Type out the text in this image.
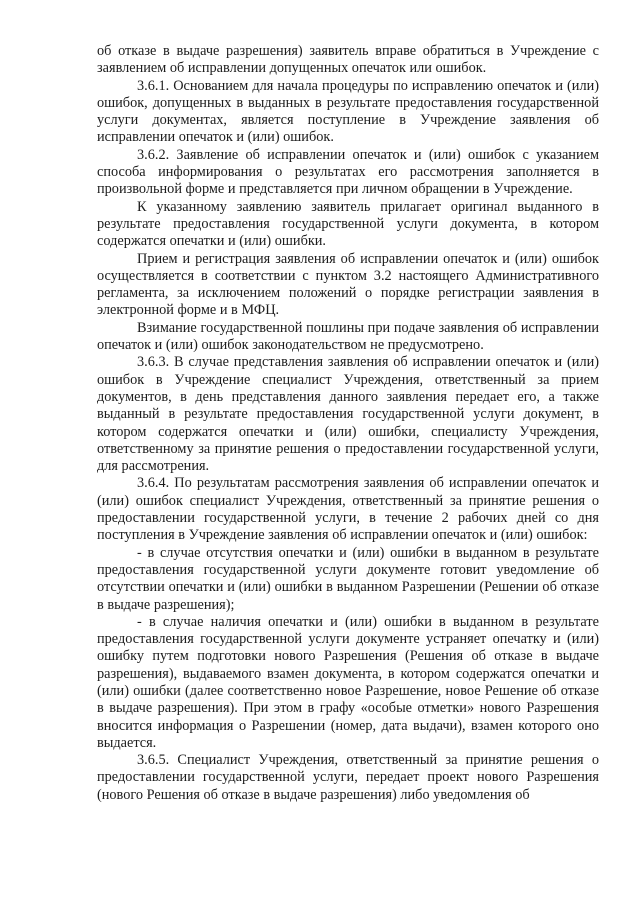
об отказе в выдаче разрешения) заявитель вправе обратиться в Учреждение с заявлением об исправлении допущенных опечаток или ошибок.

3.6.1. Основанием для начала процедуры по исправлению опечаток и (или) ошибок, допущенных в выданных в результате предоставления государственной услуги документах, является поступление в Учреждение заявления об исправлении опечаток и (или) ошибок.

3.6.2. Заявление об исправлении опечаток и (или) ошибок с указанием способа информирования о результатах его рассмотрения заполняется в произвольной форме и представляется при личном обращении в Учреждение.

К указанному заявлению заявитель прилагает оригинал выданного в результате предоставления государственной услуги документа, в котором содержатся опечатки и (или) ошибки.

Прием и регистрация заявления об исправлении опечаток и (или) ошибок осуществляется в соответствии с пунктом 3.2 настоящего Административного регламента, за исключением положений о порядке регистрации заявления в электронной форме и в МФЦ.

Взимание государственной пошлины при подаче заявления об исправлении опечаток и (или) ошибок законодательством не предусмотрено.

3.6.3. В случае представления заявления об исправлении опечаток и (или) ошибок в Учреждение специалист Учреждения, ответственный за прием документов, в день представления данного заявления передает его, а также выданный в результате предоставления государственной услуги документ, в котором содержатся опечатки и (или) ошибки, специалисту Учреждения, ответственному за принятие решения о предоставлении государственной услуги, для рассмотрения.

3.6.4. По результатам рассмотрения заявления об исправлении опечаток и (или) ошибок специалист Учреждения, ответственный за принятие решения о предоставлении государственной услуги, в течение 2 рабочих дней со дня поступления в Учреждение заявления об исправлении опечаток и (или) ошибок:

- в случае отсутствия опечатки и (или) ошибки в выданном в результате предоставления государственной услуги документе готовит уведомление об отсутствии опечатки и (или) ошибки в выданном Разрешении (Решении об отказе в выдаче разрешения);

- в случае наличия опечатки и (или) ошибки в выданном в результате предоставления государственной услуги документе устраняет опечатку и (или) ошибку путем подготовки нового Разрешения (Решения об отказе в выдаче разрешения), выдаваемого взамен документа, в котором содержатся опечатки и (или) ошибки (далее соответственно новое Разрешение, новое Решение об отказе в выдаче разрешения). При этом в графу «особые отметки» нового Разрешения вносится информация о Разрешении (номер, дата выдачи), взамен которого оно выдается.

3.6.5. Специалист Учреждения, ответственный за принятие решения о предоставлении государственной услуги, передает проект нового Разрешения (нового Решения об отказе в выдаче разрешения) либо уведомления об
